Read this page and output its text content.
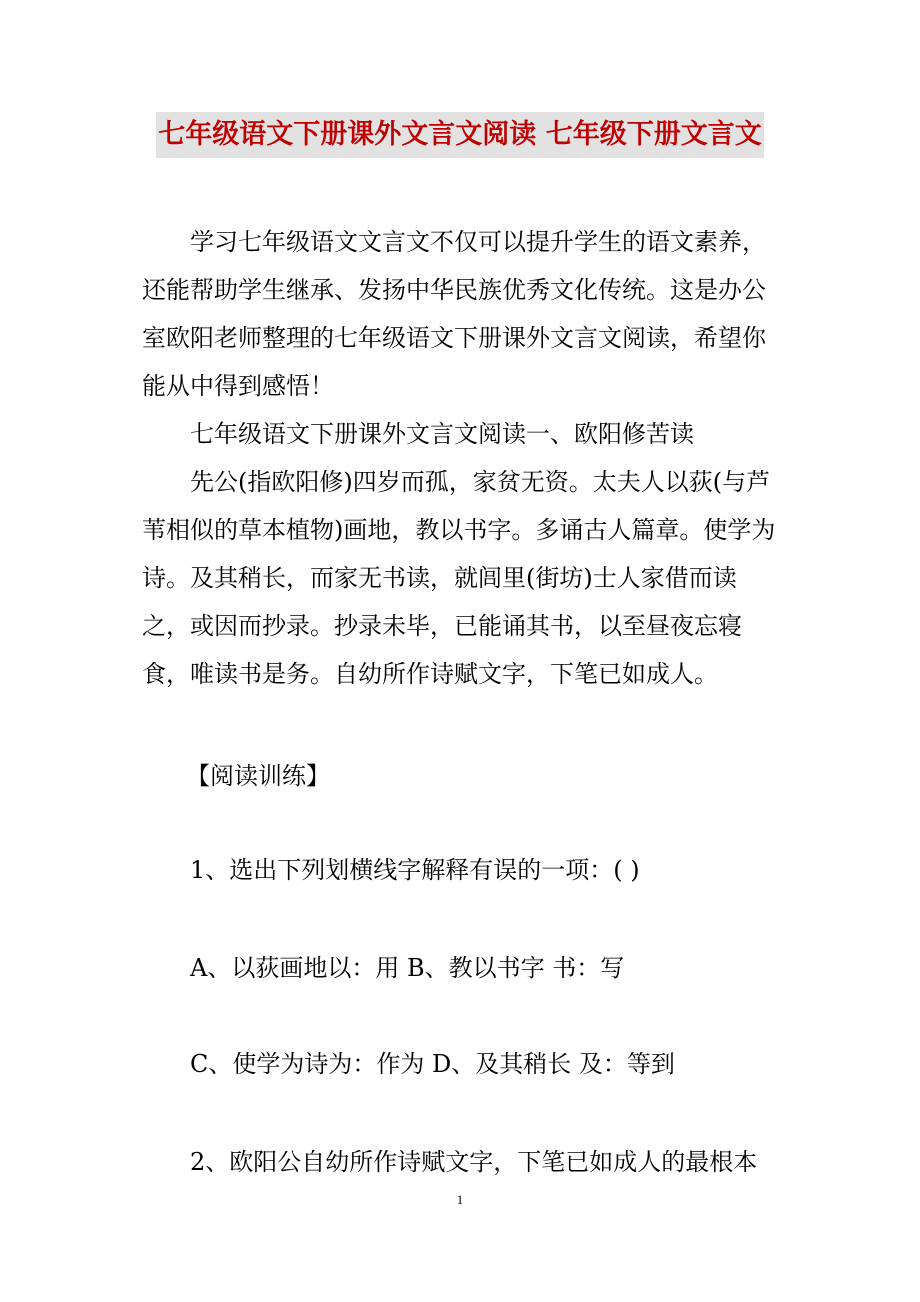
七年级语文下册课外文言文阅读 七年级下册文言文

学习七年级语文文言文不仅可以提升学生的语文素养，还能帮助学生继承、发扬中华民族优秀文化传统。这是办公室欧阳老师整理的七年级语文下册课外文言文阅读，希望你能从中得到感悟！

七年级语文下册课外文言文阅读一、欧阳修苦读

先公(指欧阳修)四岁而孤，家贫无资。太夫人以荻(与芦苇相似的草本植物)画地，教以书字。多诵古人篇章。使学为诗。及其稍长，而家无书读，就闾里(街坊)士人家借而读之，或因而抄录。抄录未毕，已能诵其书，以至昼夜忘寝食，唯读书是务。自幼所作诗赋文字，下笔已如成人。

【阅读训练】
1、选出下列划横线字解释有误的一项：( )
A、以荻画地以：用 B、教以书字 书：写
C、使学为诗为：作为 D、及其稍长 及：等到
2、欧阳公自幼所作诗赋文字，下笔已如成人的最根本
1
